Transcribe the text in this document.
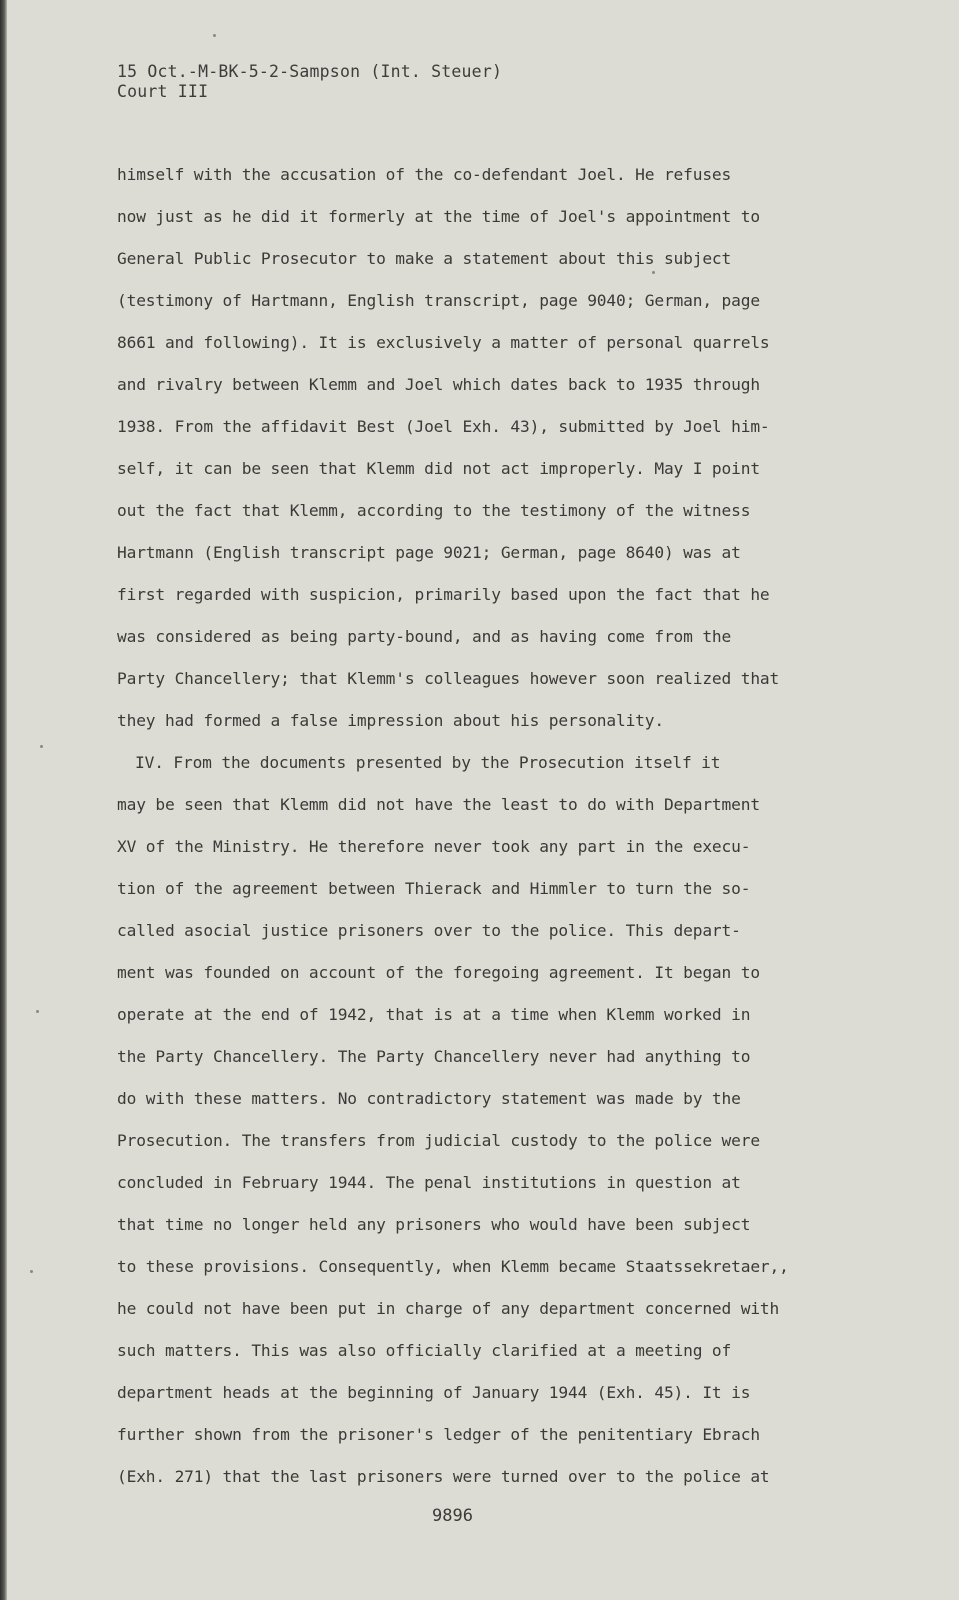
15 Oct.-M-BK-5-2-Sampson (Int. Steuer)
Court III
himself with the accusation of the co-defendant Joel. He refuses
now just as he did it formerly at the time of Joel's appointment to
General Public Prosecutor to make a statement about this subject
(testimony of Hartmann, English transcript, page 9040; German, page
8661 and following). It is exclusively a matter of personal quarrels
and rivalry between Klemm and Joel which dates back to 1935 through
1938. From the affidavit Best (Joel Exh. 43), submitted by Joel him-
self, it can be seen that Klemm did not act improperly. May I point
out the fact that Klemm, according to the testimony of the witness
Hartmann (English transcript page 9021; German, page 8640) was at
first regarded with suspicion, primarily based upon the fact that he
was considered as being party-bound, and as having come from the
Party Chancellery; that Klemm's colleagues however soon realized that
they had formed a false impression about his personality.
IV. From the documents presented by the Prosecution itself it
may be seen that Klemm did not have the least to do with Department
XV of the Ministry. He therefore never took any part in the execu-
tion of the agreement between Thierack and Himmler to turn the so-
called asocial justice prisoners over to the police. This depart-
ment was founded on account of the foregoing agreement. It began to
operate at the end of 1942, that is at a time when Klemm worked in
the Party Chancellery. The Party Chancellery never had anything to
do with these matters. No contradictory statement was made by the
Prosecution. The transfers from judicial custody to the police were
concluded in February 1944. The penal institutions in question at
that time no longer held any prisoners who would have been subject
to these provisions. Consequently, when Klemm became Staatssekretaer,,
he could not have been put in charge of any department concerned with
such matters. This was also officially clarified at a meeting of
department heads at the beginning of January 1944 (Exh. 45). It is
further shown from the prisoner's ledger of the penitentiary Ebrach
(Exh. 271) that the last prisoners were turned over to the police at
9896
